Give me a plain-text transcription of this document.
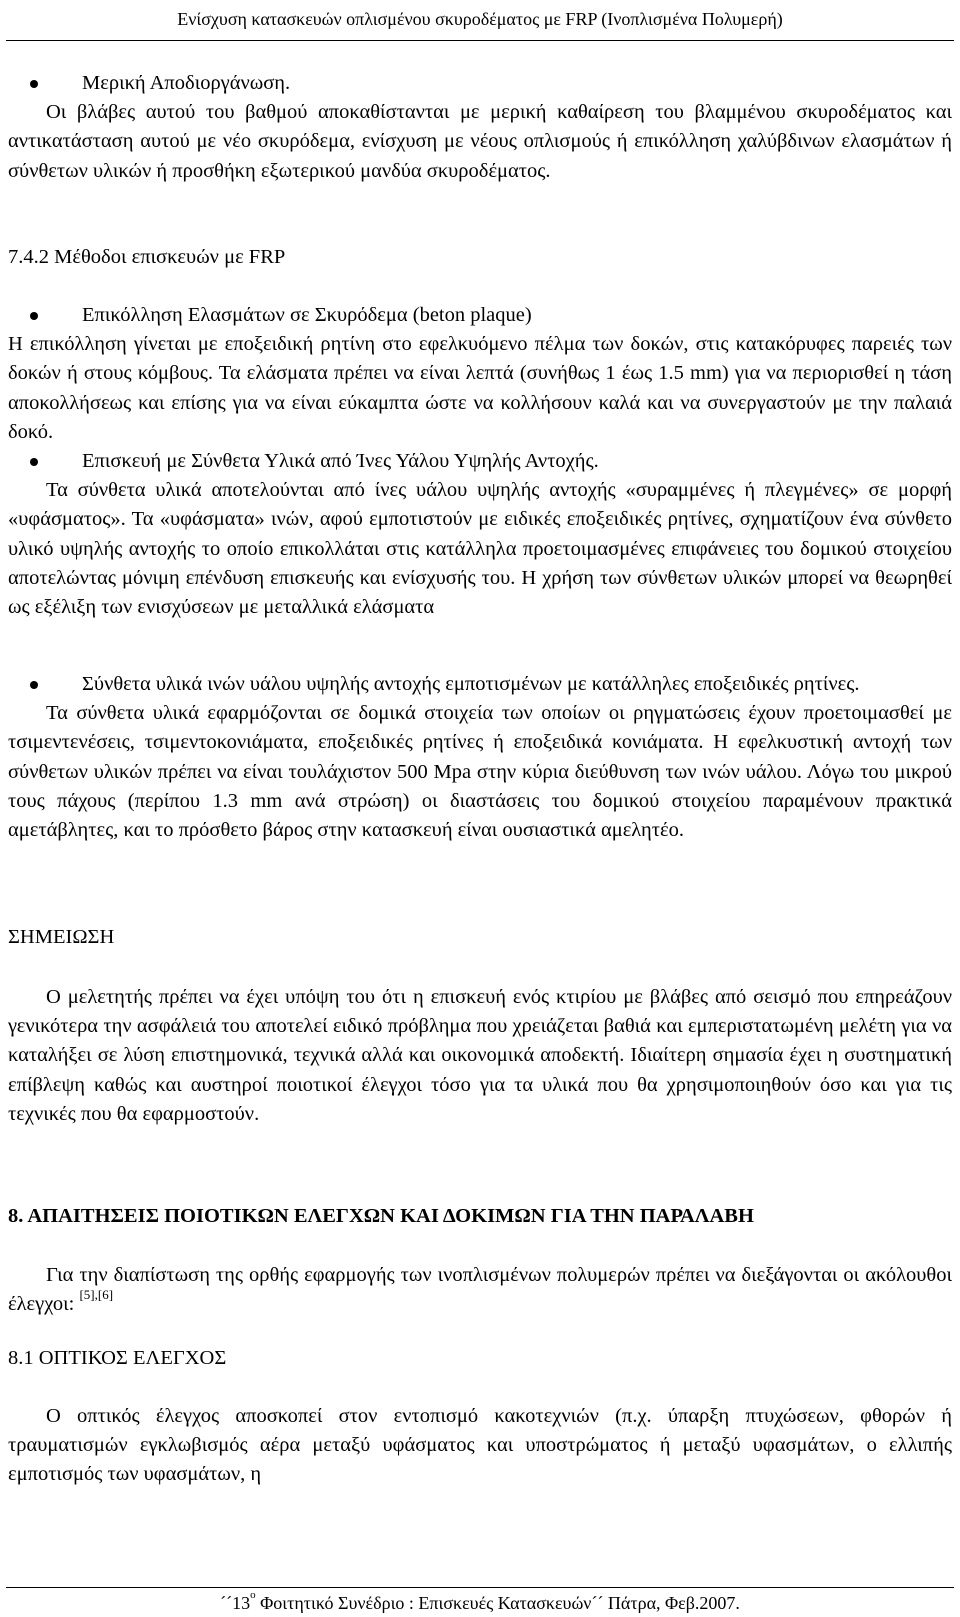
Ενίσχυση κατασκευών οπλισμένου σκυροδέματος με FRP (Ινοπλισμένα Πολυμερή)
Μερική Αποδιοργάνωση.

Οι βλάβες αυτού του βαθμού αποκαθίστανται με μερική καθαίρεση του βλαμμένου σκυροδέματος και αντικατάσταση αυτού με νέο σκυρόδεμα, ενίσχυση με νέους οπλισμούς ή επικόλληση χαλύβδινων ελασμάτων ή σύνθετων υλικών ή προσθήκη εξωτερικού μανδύα σκυροδέματος.

7.4.2 Μέθοδοι επισκευών με FRP

Επικόλληση Ελασμάτων σε Σκυρόδεμα (beton plaque)

Η επικόλληση γίνεται με εποξειδική ρητίνη στο εφελκυόμενο πέλμα των δοκών, στις κατακόρυφες παρειές των δοκών ή στους κόμβους. Τα ελάσματα πρέπει να είναι λεπτά (συνήθως 1 έως 1.5 mm) για να περιορισθεί η τάση αποκολλήσεως και επίσης για να είναι εύκαμπτα ώστε να κολλήσουν καλά και να συνεργαστούν με την παλαιά δοκό.

Επισκευή με Σύνθετα Υλικά από Ίνες Υάλου Υψηλής Αντοχής.

Τα σύνθετα υλικά αποτελούνται από ίνες υάλου υψηλής αντοχής «συραμμένες ή πλεγμένες» σε μορφή «υφάσματος». Τα «υφάσματα» ινών, αφού εμποτιστούν με ειδικές εποξειδικές ρητίνες, σχηματίζουν ένα σύνθετο υλικό υψηλής αντοχής το οποίο επικολλάται στις κατάλληλα προετοιμασμένες επιφάνειες του δομικού στοιχείου αποτελώντας μόνιμη επένδυση επισκευής και ενίσχυσής του. Η χρήση των σύνθετων υλικών μπορεί να θεωρηθεί ως εξέλιξη των ενισχύσεων με μεταλλικά ελάσματα

Σύνθετα υλικά ινών υάλου υψηλής αντοχής εμποτισμένων με κατάλληλες εποξειδικές ρητίνες.

Τα σύνθετα υλικά εφαρμόζονται σε δομικά στοιχεία των οποίων οι ρηγματώσεις έχουν προετοιμασθεί με τσιμεντενέσεις, τσιμεντοκονιάματα, εποξειδικές ρητίνες ή εποξειδικά κονιάματα. Η εφελκυστική αντοχή των σύνθετων υλικών πρέπει να είναι τουλάχιστον 500 Mpa στην κύρια διεύθυνση των ινών υάλου. Λόγω του μικρού τους πάχους (περίπου 1.3 mm ανά στρώση) οι διαστάσεις του δομικού στοιχείου παραμένουν πρακτικά αμετάβλητες, και το πρόσθετο βάρος στην κατασκευή είναι ουσιαστικά αμελητέο.

ΣΗΜΕΙΩΣΗ

Ο μελετητής πρέπει να έχει υπόψη του ότι η επισκευή ενός κτιρίου με βλάβες από σεισμό που επηρεάζουν γενικότερα την ασφάλειά του αποτελεί ειδικό πρόβλημα που χρειάζεται βαθιά και εμπεριστατωμένη μελέτη για να καταλήξει σε λύση επιστημονικά, τεχνικά αλλά και οικονομικά αποδεκτή. Ιδιαίτερη σημασία έχει η συστηματική επίβλεψη καθώς και αυστηροί ποιοτικοί έλεγχοι τόσο για τα υλικά που θα χρησιμοποιηθούν όσο και για τις τεχνικές που θα εφαρμοστούν.

8. ΑΠΑΙΤΗΣΕΙΣ ΠΟΙΟΤΙΚΩΝ ΕΛΕΓΧΩΝ ΚΑΙ ΔΟΚΙΜΩΝ ΓΙΑ ΤΗΝ ΠΑΡΑΛΑΒΗ

Για την διαπίστωση της ορθής εφαρμογής των ινοπλισμένων πολυμερών πρέπει να διεξάγονται οι ακόλουθοι έλεγχοι: [5],[6]

8.1 ΟΠΤΙΚΟΣ ΕΛΕΓΧΟΣ

Ο οπτικός έλεγχος αποσκοπεί στον εντοπισμό κακοτεχνιών (π.χ. ύπαρξη πτυχώσεων, φθορών ή τραυματισμών εγκλωβισμός αέρα μεταξύ υφάσματος και υποστρώματος ή μεταξύ υφασμάτων, ο ελλιπής εμποτισμός των υφασμάτων, η

$´´13^o$ Φοιτητικό Συνέδριο : Επισκευές Κατασκευών´´ Πάτρα, Φεβ.2007.
